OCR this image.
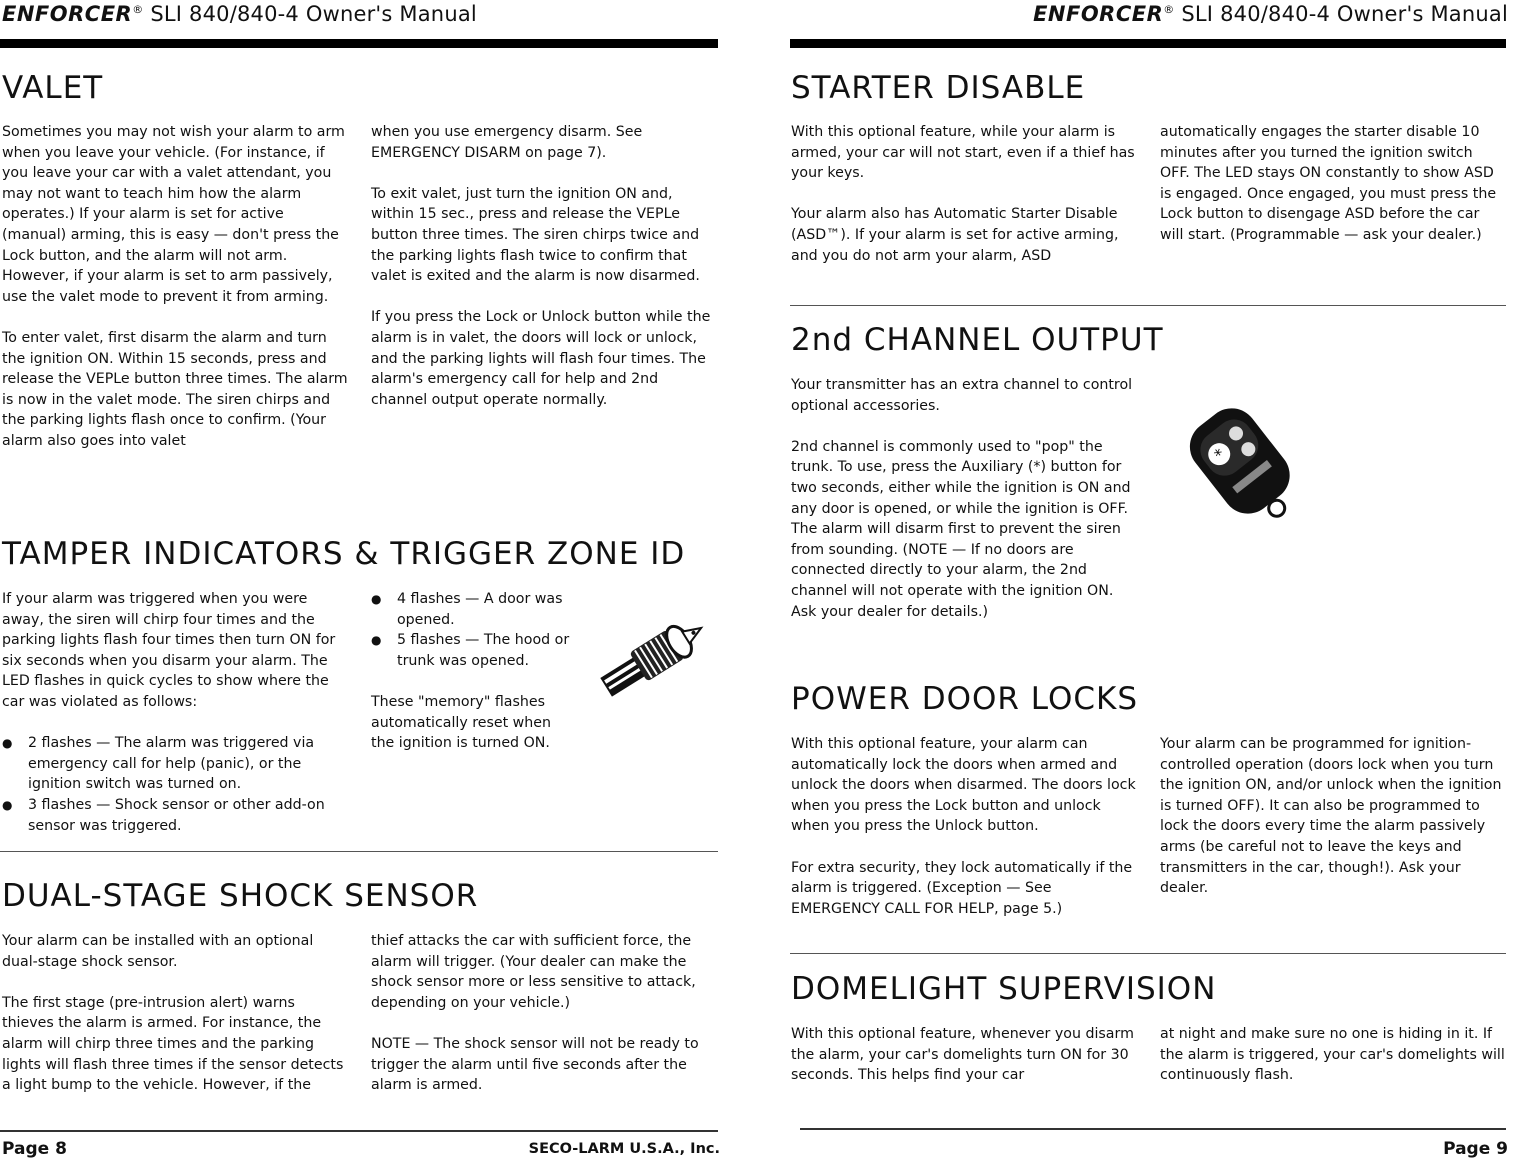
ENFORCER® SLI 840/840-4 Owner's Manual
VALET

Sometimes you may not wish your alarm to arm when you leave your vehicle. (For instance, if you leave your car with a valet attendant, you may not want to teach him how the alarm operates.) If your alarm is set for active (manual) arming, this is easy — don't press the Lock button, and the alarm will not arm. However, if your alarm is set to arm passively, use the valet mode to prevent it from arming.

To enter valet, first disarm the alarm and turn the ignition ON. Within 15 seconds, press and release the VEPLe button three times. The alarm is now in the valet mode. The siren chirps and the parking lights flash once to confirm. (Your alarm also goes into valet

when you use emergency disarm. See EMERGENCY DISARM on page 7).

To exit valet, just turn the ignition ON and, within 15 sec., press and release the VEPLe button three times. The siren chirps twice and the parking lights flash twice to confirm that valet is exited and the alarm is now disarmed.

If you press the Lock or Unlock button while the alarm is in valet, the doors will lock or unlock, and the parking lights will flash four times. The alarm's emergency call for help and 2nd channel output operate normally.

TAMPER INDICATORS & TRIGGER ZONE ID

If your alarm was triggered when you were away, the siren will chirp four times and the parking lights flash four times then turn ON for six seconds when you disarm your alarm. The LED flashes in quick cycles to show where the car was violated as follows:

● 2 flashes — The alarm was triggered via emergency call for help (panic), or the ignition switch was turned on.
● 3 flashes — Shock sensor or other add-on sensor was triggered.
● 4 flashes — A door was opened.
● 5 flashes — The hood or trunk was opened.

These "memory" flashes automatically reset when the ignition is turned ON.

DUAL-STAGE SHOCK SENSOR

Your alarm can be installed with an optional dual-stage shock sensor.

The first stage (pre-intrusion alert) warns thieves the alarm is armed. For instance, the alarm will chirp three times and the parking lights will flash three times if the sensor detects a light bump to the vehicle. However, if the

thief attacks the car with sufficient force, the alarm will trigger. (Your dealer can make the shock sensor more or less sensitive to attack, depending on your vehicle.)

NOTE — The shock sensor will not be ready to trigger the alarm until five seconds after the alarm is armed.

Page 8	SECO-LARM U.S.A., Inc.
ENFORCER® SLI 840/840-4 Owner's Manual
STARTER DISABLE

With this optional feature, while your alarm is armed, your car will not start, even if a thief has your keys.

Your alarm also has Automatic Starter Disable (ASD™). If your alarm is set for active arming, and you do not arm your alarm, ASD

automatically engages the starter disable 10 minutes after you turned the ignition switch OFF. The LED stays ON constantly to show ASD is engaged. Once engaged, you must press the Lock button to disengage ASD before the car will start. (Programmable — ask your dealer.)

2nd CHANNEL OUTPUT

Your transmitter has an extra channel to control optional accessories.

2nd channel is commonly used to "pop" the trunk. To use, press the Auxiliary (*) button for two seconds, either while the ignition is ON and any door is opened, or while the ignition is OFF. The alarm will disarm first to prevent the siren from sounding. (NOTE — If no doors are connected directly to your alarm, the 2nd channel will not operate with the ignition ON. Ask your dealer for details.)

*
POWER DOOR LOCKS

With this optional feature, your alarm can automatically lock the doors when armed and unlock the doors when disarmed. The doors lock when you press the Lock button and unlock when you press the Unlock button.

For extra security, they lock automatically if the alarm is triggered. (Exception — See EMERGENCY CALL FOR HELP, page 5.)

Your alarm can be programmed for ignition-controlled operation (doors lock when you turn the ignition ON, and/or unlock when the ignition is turned OFF). It can also be programmed to lock the doors every time the alarm passively arms (be careful not to leave the keys and transmitters in the car, though!). Ask your dealer.

DOMELIGHT SUPERVISION

With this optional feature, whenever you disarm the alarm, your car's domelights turn ON for 30 seconds. This helps find your car

at night and make sure no one is hiding in it. If the alarm is triggered, your car's domelights will continuously flash.

Page 9
